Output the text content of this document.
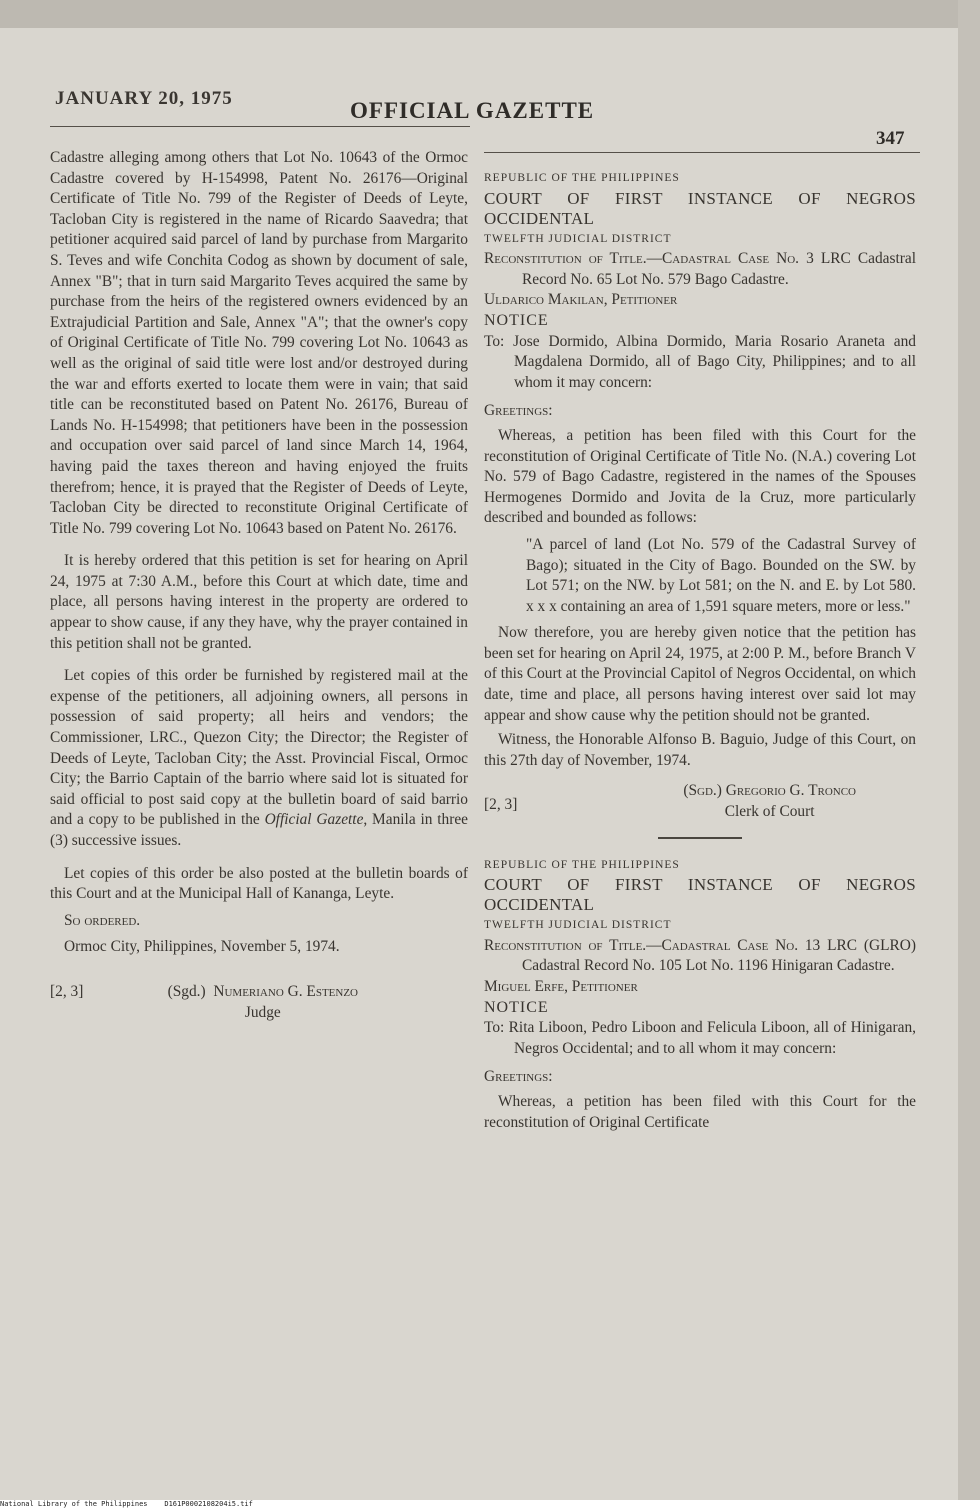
JANUARY 20, 1975	OFFICIAL GAZETTE
347

Cadastre alleging among others that Lot No. 10643 of the Ormoc Cadastre covered by H-154998, Patent No. 26176—Original Certificate of Title No. 799 of the Register of Deeds of Leyte, Tacloban City is registered in the name of Ricardo Saavedra; that petitioner acquired said parcel of land by purchase from Margarito S. Teves and wife Conchita Codog as shown by document of sale, Annex "B"; that in turn said Margarito Teves acquired the same by purchase from the heirs of the registered owners evidenced by an Extrajudicial Partition and Sale, Annex "A"; that the owner's copy of Original Certificate of Title No. 799 covering Lot No. 10643 as well as the original of said title were lost and/or destroyed during the war and efforts exerted to locate them were in vain; that said title can be reconstituted based on Patent No. 26176, Bureau of Lands No. H-154998; that petitioners have been in the possession and occupation over said parcel of land since March 14, 1964, having paid the taxes thereon and having enjoyed the fruits therefrom; hence, it is prayed that the Register of Deeds of Leyte, Tacloban City be directed to reconstitute Original Certificate of Title No. 799 covering Lot No. 10643 based on Patent No. 26176.

It is hereby ordered that this petition is set for hearing on April 24, 1975 at 7:30 A.M., before this Court at which date, time and place, all persons having interest in the property are ordered to appear to show cause, if any they have, why the prayer contained in this petition shall not be granted.

Let copies of this order be furnished by registered mail at the expense of the petitioners, all adjoining owners, all persons in possession of said property; all heirs and vendors; the Commissioner, LRC., Quezon City; the Director; the Register of Deeds of Leyte, Tacloban City; the Asst. Provincial Fiscal, Ormoc City; the Barrio Captain of the barrio where said lot is situated for said official to post said copy at the bulletin board of said barrio and a copy to be published in the Official Gazette, Manila in three (3) successive issues.

Let copies of this order be also posted at the bulletin boards of this Court and at the Municipal Hall of Kananga, Leyte.

So ordered.

Ormoc City, Philippines, November 5, 1974.

[2, 3]	(Sgd.) Numeriano G. Estenzo
Judge

REPUBLIC OF THE PHILIPPINES

COURT OF FIRST INSTANCE OF NEGROS OCCIDENTAL

TWELFTH JUDICIAL DISTRICT

Reconstitution of Title.—Cadastral Case No. 3 LRC Cadastral Record No. 65 Lot No. 579 Bago Cadastre.

Uldarico Makilan, Petitioner

NOTICE

To: Jose Dormido, Albina Dormido, Maria Rosario Araneta and Magdalena Dormido, all of Bago City, Philippines; and to all whom it may concern:

Greetings:

Whereas, a petition has been filed with this Court for the reconstitution of Original Certificate of Title No. (N.A.) covering Lot No. 579 of Bago Cadastre, registered in the names of the Spouses Hermogenes Dormido and Jovita de la Cruz, more particularly described and bounded as follows:

"A parcel of land (Lot No. 579 of the Cadastral Survey of Bago); situated in the City of Bago. Bounded on the SW. by Lot 571; on the NW. by Lot 581; on the N. and E. by Lot 580. x x x containing an area of 1,591 square meters, more or less."

Now therefore, you are hereby given notice that the petition has been set for hearing on April 24, 1975, at 2:00 P. M., before Branch V of this Court at the Provincial Capitol of Negros Occidental, on which date, time and place, all persons having interest over said lot may appear and show cause why the petition should not be granted.

Witness, the Honorable Alfonso B. Baguio, Judge of this Court, on this 27th day of November, 1974.

[2, 3]
(Sgd.) Gregorio G. Tronco
Clerk of Court

REPUBLIC OF THE PHILIPPINES

COURT OF FIRST INSTANCE OF NEGROS OCCIDENTAL

TWELFTH JUDICIAL DISTRICT

Reconstitution of Title.—Cadastral Case No. 13 LRC (GLRO) Cadastral Record No. 105 Lot No. 1196 Hinigaran Cadastre.

Miguel Erfe, Petitioner

NOTICE

To: Rita Liboon, Pedro Liboon and Felicula Liboon, all of Hinigaran, Negros Occidental; and to all whom it may concern:

Greetings:

Whereas, a petition has been filed with this Court for the reconstitution of Original Certificate

National Library of the Philippines    D161P0002108204i5.tif
